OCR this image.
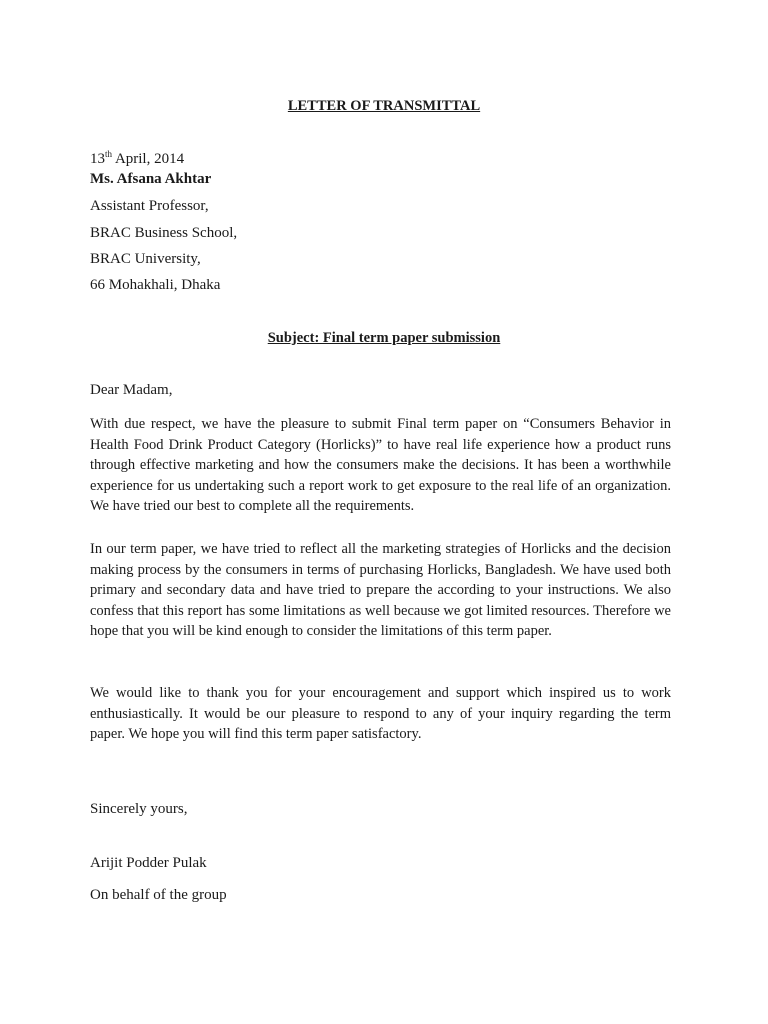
LETTER OF TRANSMITTAL
13th April, 2014
Ms. Afsana Akhtar
Assistant Professor,
BRAC Business School,
BRAC University,
66 Mohakhali, Dhaka
Subject: Final term paper submission
Dear Madam,
With due respect, we have the pleasure to submit Final term paper on “Consumers Behavior in Health Food Drink Product Category (Horlicks)” to have real life experience how a product runs through effective marketing and how the consumers make the decisions. It has been a worthwhile experience for us undertaking such a report work to get exposure to the real life of an organization. We have tried our best to complete all the requirements.
In our term paper, we have tried to reflect all the marketing strategies of Horlicks and the decision making process by the consumers in terms of purchasing Horlicks, Bangladesh. We have used both primary and secondary data and have tried to prepare the according to your instructions. We also confess that this report has some limitations as well because we got limited resources. Therefore we hope that you will be kind enough to consider the limitations of this term paper.
We would like to thank you for your encouragement and support which inspired us to work enthusiastically. It would be our pleasure to respond to any of your inquiry regarding the term paper. We hope you will find this term paper satisfactory.
Sincerely yours,
Arijit Podder Pulak
On behalf of the group
